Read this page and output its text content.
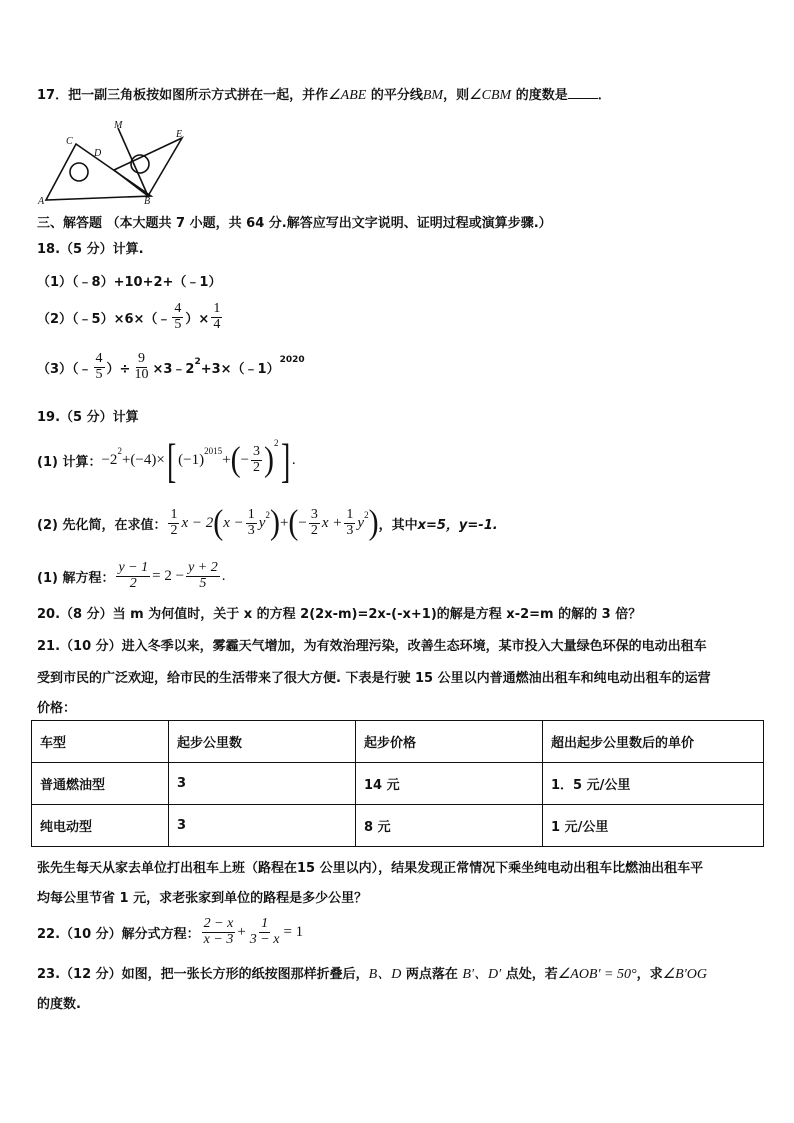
17．把一副三角板按如图所示方式拼在一起，并作∠ABE 的平分线BM，则∠CBM 的度数是 ．
M
E
C
D
A	B
三、解答题 （本大题共 7 小题，共 64 分.解答应写出文字说明、证明过程或演算步骤.）
18.（5 分）计算.
（1）（﹣8）+10+2+（﹣1）
（2）（﹣5）×6×（﹣ $\frac{4}{5}$ ）× $\frac{1}{4}$
（3）（﹣ $\frac{4}{5}$ ）÷ $\frac{9}{10}$ $\times 3﹣2^2$ +3×（﹣1）
$^{2020}$
19.（5 分）计算
(1) 计算： −2
$^2$
+(−4)× [ (−1)
$^{2015}$
+ ( − $\frac{3}{2} )^2$ ] .
(2) 先化简，在求值： $\frac{1}{2}$ x − 2 ( $x - \frac{1}{3} y^2$ ) + ( − $\frac{3}{2}$ $x + \frac{1}{3} y^2$ ) ，其中 x=5，y=-1.
(1) 解方程： $\frac{y - 1}{2} = 2 - \frac{y + 2}{5}$ .
20.（8 分）当 m 为何值时，关于 x 的方程 2(2x-m)=2x-(-x+1)的解是方程 x-2=m 的解的 3 倍？
21.（10 分）进入冬季以来，雾霾天气增加，为有效治理污染，改善生态环境，某市投入大量绿色环保的电动出租车
受到市民的广泛欢迎，给市民的生活带来了很大方便. 下表是行驶 15 公里以内普通燃油出租车和纯电动出租车的运营
价格：
车型	起步公里数	起步价格	超出起步公里数后的单价
普通燃油型	3	14 元	1．5 元/公里
纯电动型	3	8 元	1 元/公里
张先生每天从家去单位打出租车上班（路程在15 公里以内），结果发现正常情况下乘坐纯电动出租车比燃油出租车平
均每公里节省 1 元，求老张家到单位的路程是多少公里？
22.（10 分）解分式方程： $\frac{2 - x}{x - 3} + \frac{1}{3 - x} = 1$
23.（12 分）如图，把一张长方形的纸按图那样折叠后，B、D 两点落在 B′、D′ 点处，若∠AOB′ = 50°，求∠B′OG
的度数.
